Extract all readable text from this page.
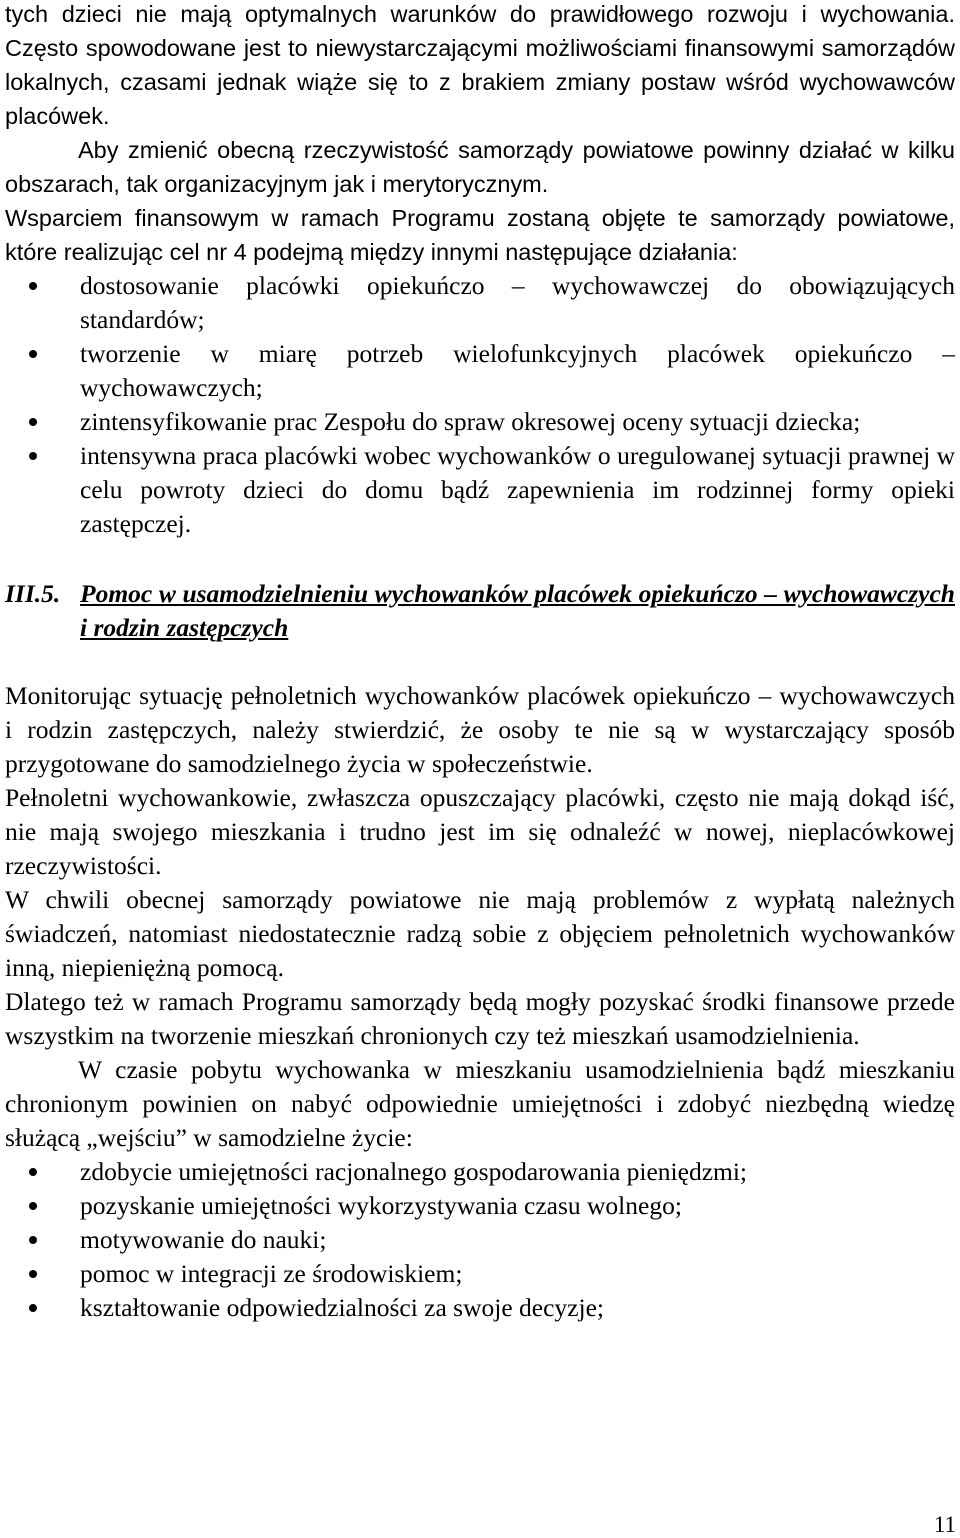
tych dzieci nie mają optymalnych warunków do prawidłowego rozwoju i wychowania. Często spowodowane jest to niewystarczającymi możliwościami finansowymi samorządów lokalnych, czasami jednak wiąże się to z brakiem zmiany postaw wśród wychowawców placówek.

Aby zmienić obecną rzeczywistość samorządy powiatowe powinny działać w kilku obszarach, tak organizacyjnym jak i merytorycznym.

Wsparciem finansowym w ramach Programu zostaną objęte te samorządy powiatowe, które realizując cel nr 4 podejmą między innymi następujące działania:

dostosowanie placówki opiekuńczo – wychowawczej do obowiązujących standardów;
tworzenie w miarę potrzeb wielofunkcyjnych placówek opiekuńczo – wychowawczych;
zintensyfikowanie prac Zespołu do spraw okresowej oceny sytuacji dziecka;
intensywna praca placówki wobec wychowanków o uregulowanej sytuacji prawnej w celu powroty dzieci do domu bądź zapewnienia im rodzinnej formy opieki zastępczej.
III.5. Pomoc w usamodzielnieniu wychowanków placówek opiekuńczo – wychowawczych i rodzin zastępczych

Monitorując sytuację pełnoletnich wychowanków placówek opiekuńczo – wychowawczych i rodzin zastępczych, należy stwierdzić, że osoby te nie są w wystarczający sposób przygotowane do samodzielnego życia w społeczeństwie.

Pełnoletni wychowankowie, zwłaszcza opuszczający placówki, często nie mają dokąd iść, nie mają swojego mieszkania i trudno jest im się odnaleźć w nowej, nieplacówkowej rzeczywistości.

W chwili obecnej samorządy powiatowe nie mają problemów z wypłatą należnych świadczeń, natomiast niedostatecznie radzą sobie z objęciem pełnoletnich wychowanków inną, niepieniężną pomocą.

Dlatego też w ramach Programu samorządy będą mogły pozyskać środki finansowe przede wszystkim na tworzenie mieszkań chronionych czy też mieszkań usamodzielnienia.

W czasie pobytu wychowanka w mieszkaniu usamodzielnienia bądź mieszkaniu chronionym powinien on nabyć odpowiednie umiejętności i zdobyć niezbędną wiedzę służącą „wejściu” w samodzielne życie:

zdobycie umiejętności racjonalnego gospodarowania pieniędzmi;
pozyskanie umiejętności wykorzystywania czasu wolnego;
motywowanie do nauki;
pomoc w integracji ze środowiskiem;
kształtowanie odpowiedzialności za swoje decyzje;
11
